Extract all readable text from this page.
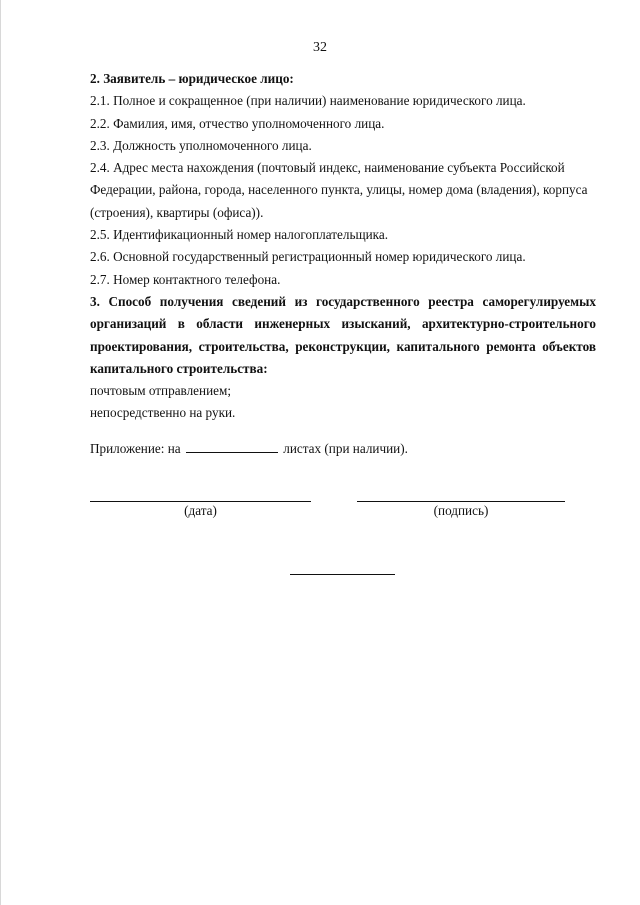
32
2. Заявитель – юридическое лицо:
2.1. Полное и сокращенное (при наличии) наименование юридического лица.
2.2. Фамилия, имя, отчество уполномоченного лица.
2.3. Должность уполномоченного лица.
2.4. Адрес места нахождения (почтовый индекс, наименование субъекта Российской
Федерации, района, города, населенного пункта, улицы, номер дома (владения), корпуса
(строения), квартиры (офиса)).
2.5. Идентификационный номер налогоплательщика.
2.6. Основной государственный регистрационный номер юридического лица.
2.7. Номер контактного телефона.
3. Способ получения сведений из государственного реестра саморегулируемых
организаций в области инженерных изысканий, архитектурно-строительного
проектирования, строительства, реконструкции, капитального ремонта объектов
капитального строительства:
почтовым отправлением;
непосредственно на руки.
Приложение: на	листах (при наличии).
(дата)	(подпись)
